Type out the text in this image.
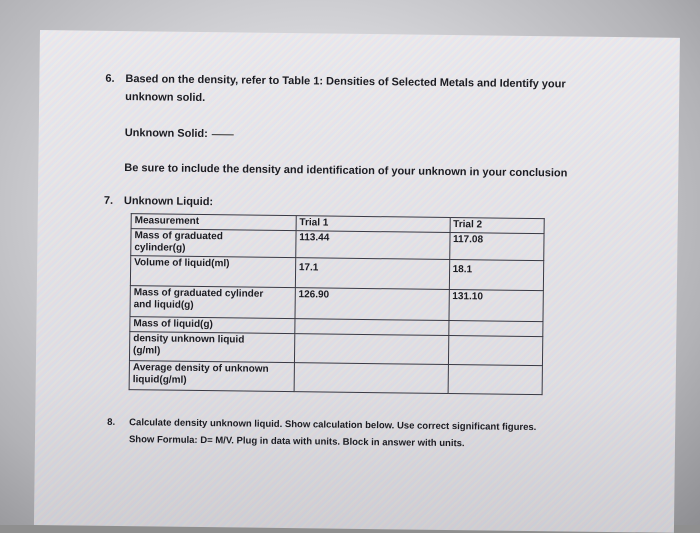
6. Based on the density, refer to Table 1: Densities of Selected Metals and Identify your
unknown solid.
Unknown Solid:
Be sure to include the density and identification of your unknown in your conclusion
7. Unknown Liquid:
Measurement	Trial 1	Trial 2

Mass of graduated
cylinder(g)	113.44	117.08

Volume of liquid(ml)	17.1	18.1

Mass of graduated cylinder
and liquid(g)	126.90	131.10

Mass of liquid(g)		

density unknown liquid
(g/ml)		

Average density of unknown
liquid(g/ml)		

8. Calculate density unknown liquid. Show calculation below. Use correct significant figures.
Show Formula: D= M/V. Plug in data with units. Block in answer with units.
